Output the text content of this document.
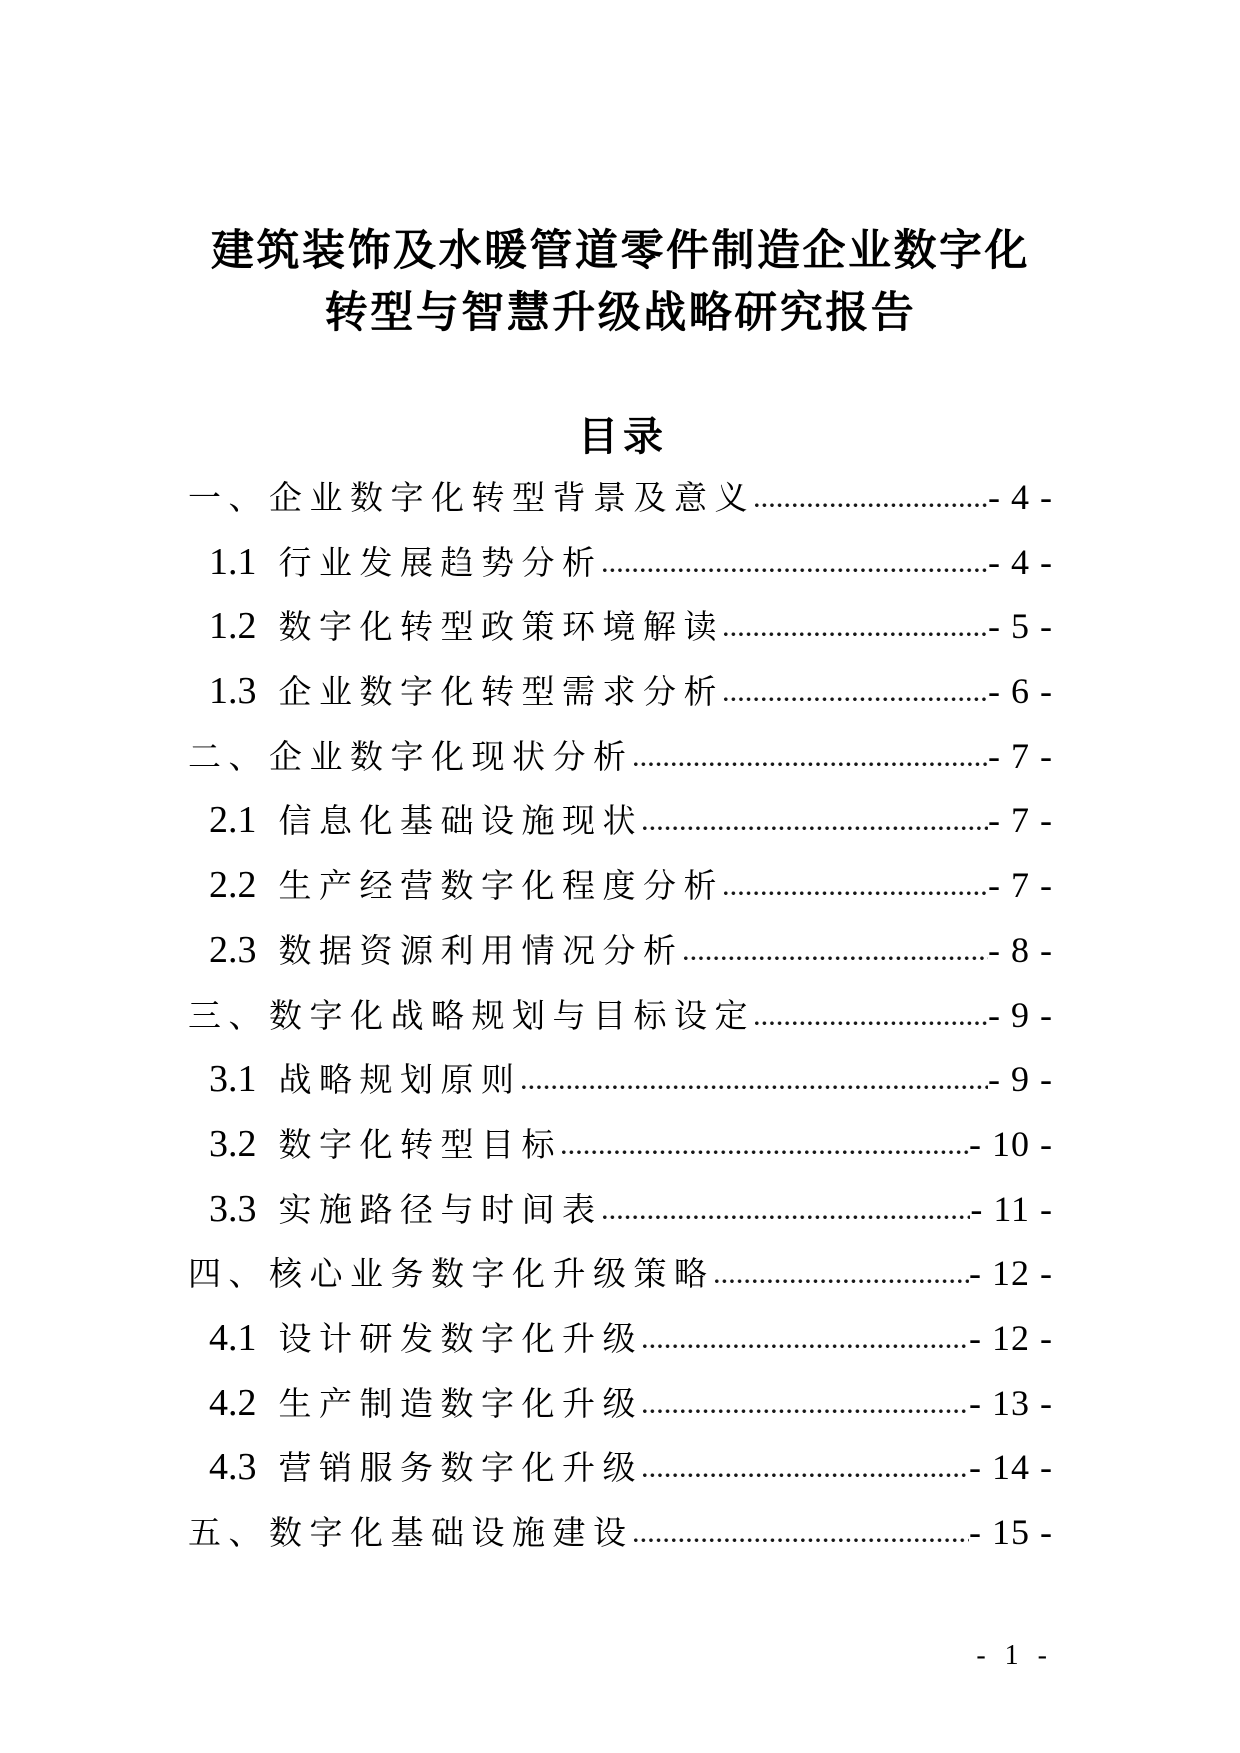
建筑装饰及水暖管道零件制造企业数字化
转型与智慧升级战略研究报告
目录
一、企业数字化转型背景及意义	- 4 -
1.1 行业发展趋势分析	- 4 -
1.2 数字化转型政策环境解读	- 5 -
1.3 企业数字化转型需求分析	- 6 -
二、企业数字化现状分析	- 7 -
2.1 信息化基础设施现状	- 7 -
2.2 生产经营数字化程度分析	- 7 -
2.3 数据资源利用情况分析	- 8 -
三、数字化战略规划与目标设定	- 9 -
3.1 战略规划原则	- 9 -
3.2 数字化转型目标	- 10 -
3.3 实施路径与时间表	- 11 -
四、核心业务数字化升级策略	- 12 -
4.1 设计研发数字化升级	- 12 -
4.2 生产制造数字化升级	- 13 -
4.3 营销服务数字化升级	- 14 -
五、数字化基础设施建设	- 15 -
- 1 -
